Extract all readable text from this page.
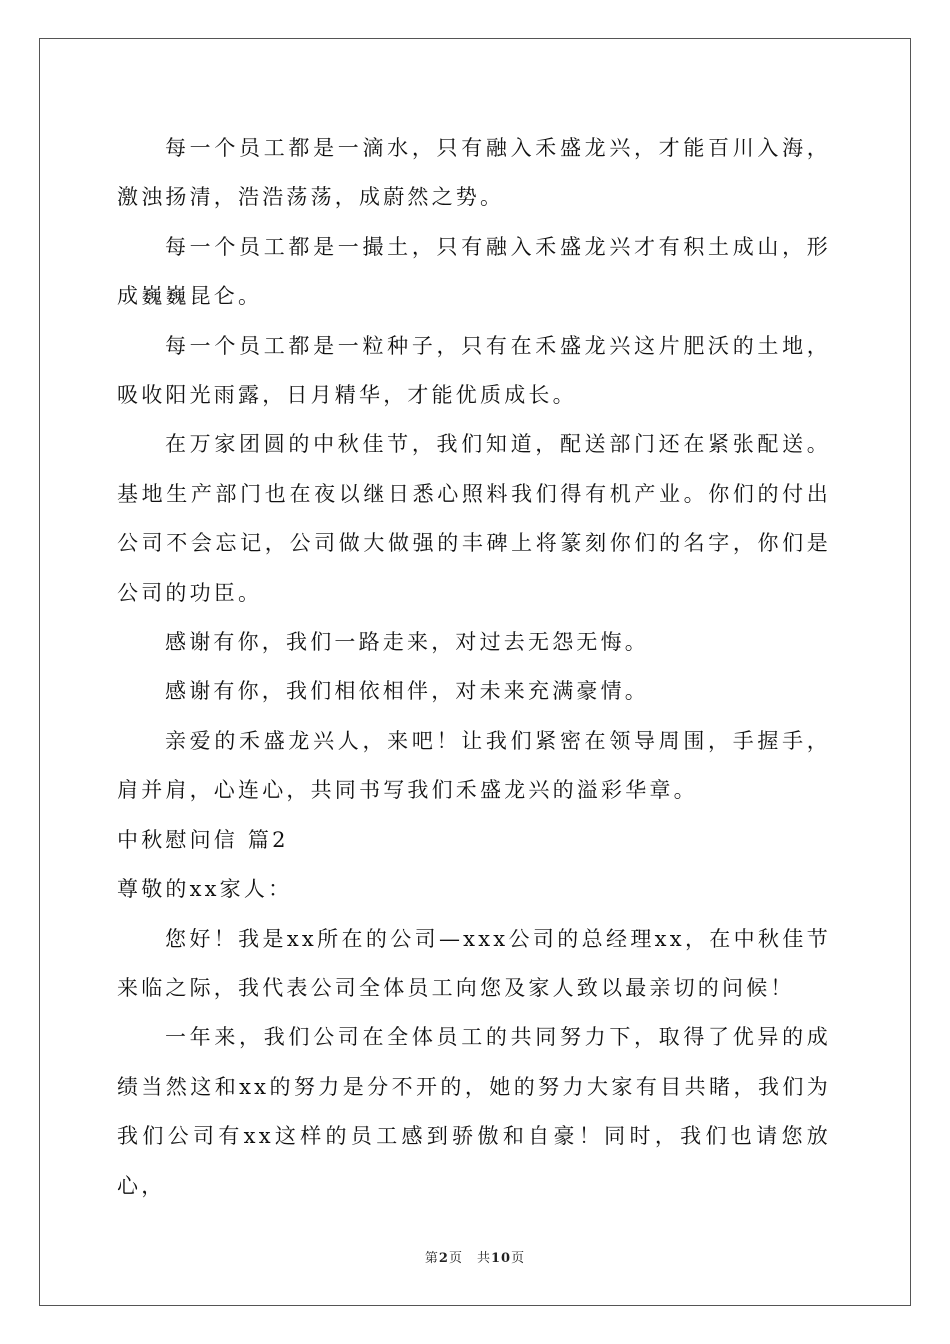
每一个员工都是一滴水，只有融入禾盛龙兴，才能百川入海，激浊扬清，浩浩荡荡，成蔚然之势。

每一个员工都是一撮土，只有融入禾盛龙兴才有积土成山，形成巍巍昆仑。

每一个员工都是一粒种子，只有在禾盛龙兴这片肥沃的土地，吸收阳光雨露，日月精华，才能优质成长。

在万家团圆的中秋佳节，我们知道，配送部门还在紧张配送。基地生产部门也在夜以继日悉心照料我们得有机产业。你们的付出公司不会忘记，公司做大做强的丰碑上将篆刻你们的名字，你们是公司的功臣。

感谢有你，我们一路走来，对过去无怨无悔。

感谢有你，我们相依相伴，对未来充满豪情。

亲爱的禾盛龙兴人，来吧！让我们紧密在领导周围，手握手，肩并肩，心连心，共同书写我们禾盛龙兴的溢彩华章。

中秋慰问信 篇2

尊敬的xx家人：

您好！我是xx所在的公司—xxx公司的总经理xx，在中秋佳节来临之际，我代表公司全体员工向您及家人致以最亲切的问候！

一年来，我们公司在全体员工的共同努力下，取得了优异的成绩当然这和xx的努力是分不开的，她的努力大家有目共睹，我们为我们公司有xx这样的员工感到骄傲和自豪！同时，我们也请您放心，

第2页　共10页
